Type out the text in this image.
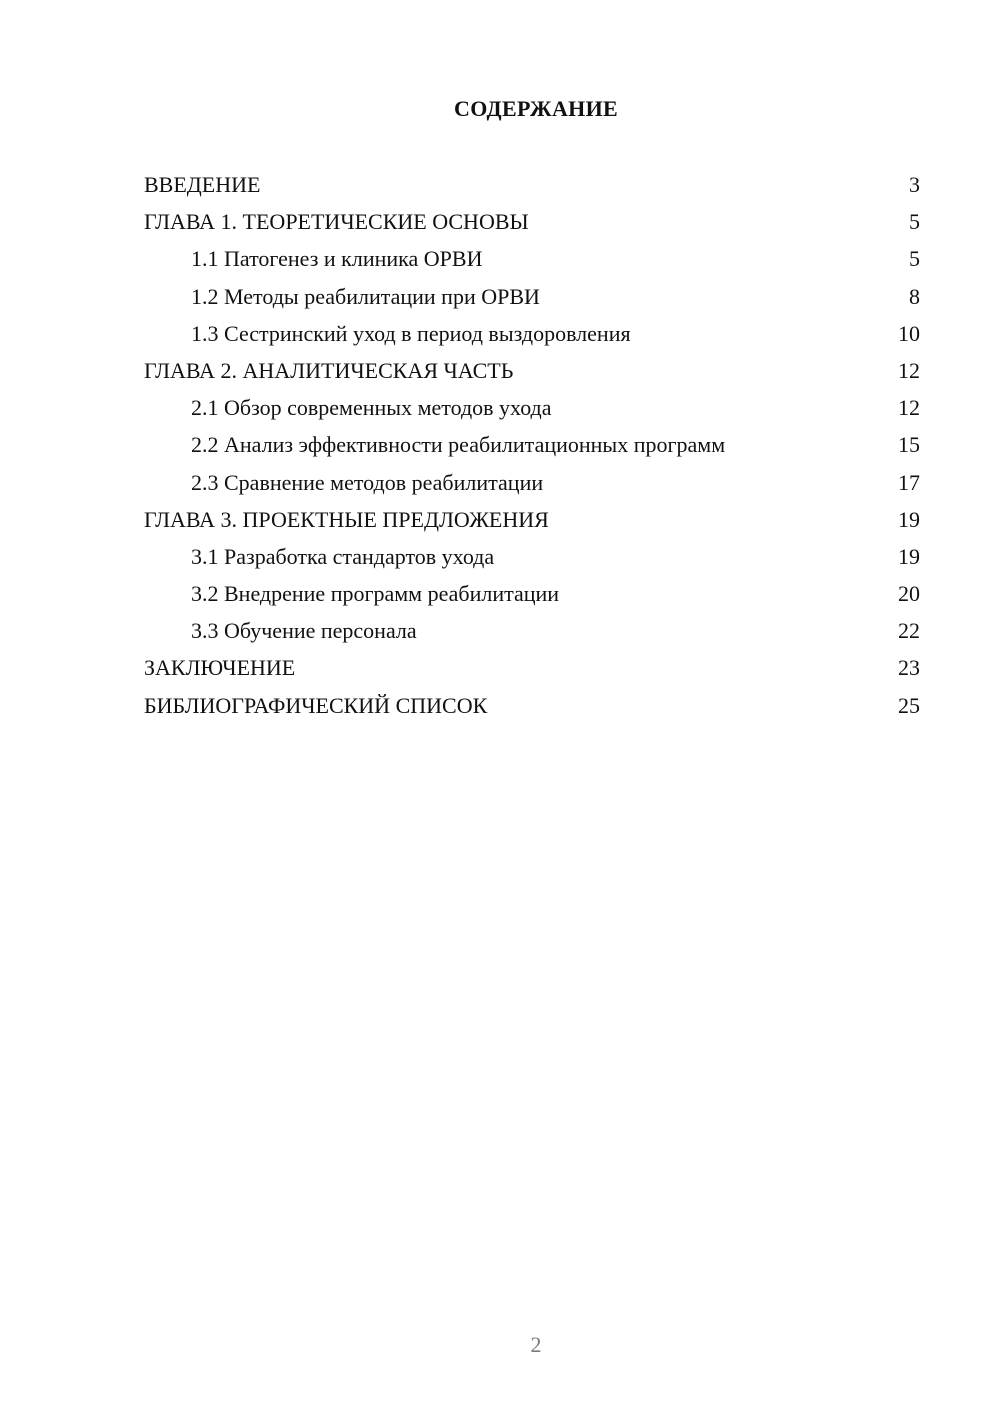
СОДЕРЖАНИЕ
ВВЕДЕНИЕ	3
ГЛАВА 1. ТЕОРЕТИЧЕСКИЕ ОСНОВЫ	5
1.1 Патогенез и клиника ОРВИ	5
1.2 Методы реабилитации при ОРВИ	8
1.3 Сестринский уход в период выздоровления	10
ГЛАВА 2. АНАЛИТИЧЕСКАЯ ЧАСТЬ	12
2.1 Обзор современных методов ухода	12
2.2 Анализ эффективности реабилитационных программ	15
2.3 Сравнение методов реабилитации	17
ГЛАВА 3. ПРОЕКТНЫЕ ПРЕДЛОЖЕНИЯ	19
3.1 Разработка стандартов ухода	19
3.2 Внедрение программ реабилитации	20
3.3 Обучение персонала	22
ЗАКЛЮЧЕНИЕ	23
БИБЛИОГРАФИЧЕСКИЙ СПИСОК	25
2
